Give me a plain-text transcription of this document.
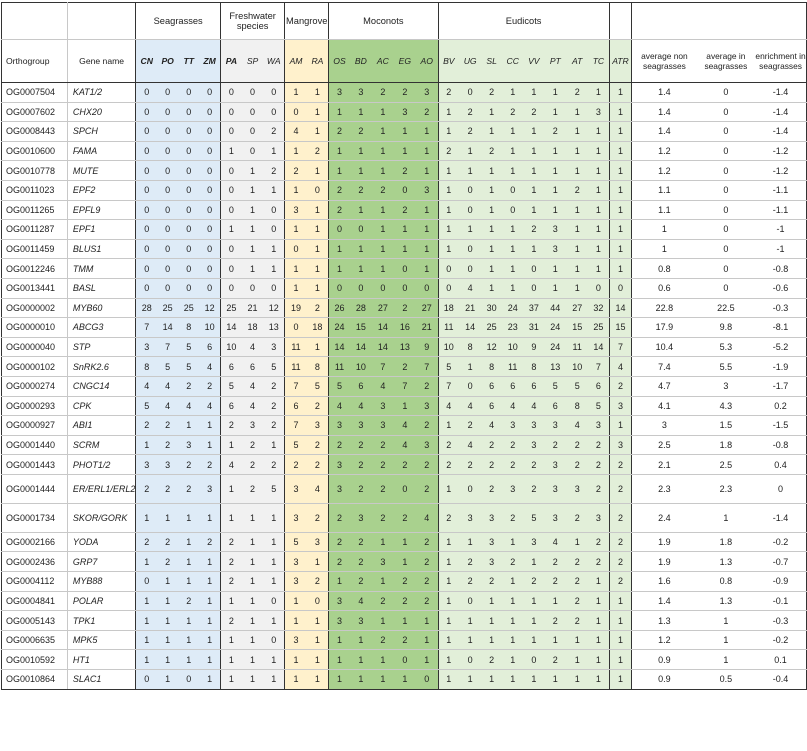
		Seagrasses				Freshwater species			Mangrove		Moconots					Eudicots											
Orthogroup	Gene name	CN	PO	TT	ZM	PA	SP	WA	AM	RA	OS	BD	AC	EG	AO	BV	UG	SL	CC	VV	PT	AT	TC	ATR	average non seagrasses	average in seagrasses	enrichment in seagrasses
OG0007504	KAT1/2	0	0	0	0	0	0	0	1	1	3	3	2	2	3	2	0	2	1	1	1	2	1	1	1.4	0	-1.4
OG0007602	CHX20	0	0	0	0	0	0	0	0	1	1	1	1	3	2	1	2	1	2	2	1	1	3	1	1.4	0	-1.4
OG0008443	SPCH	0	0	0	0	0	0	2	4	1	2	2	1	1	1	1	2	1	1	1	2	1	1	1	1.4	0	-1.4
OG0010600	FAMA	0	0	0	0	1	0	1	1	2	1	1	1	1	1	2	1	2	1	1	1	1	1	1	1.2	0	-1.2
OG0010778	MUTE	0	0	0	0	0	1	2	2	1	1	1	1	2	1	1	1	1	1	1	1	1	1	1	1.2	0	-1.2
OG0011023	EPF2	0	0	0	0	0	1	1	1	0	2	2	2	0	3	1	0	1	0	1	1	2	1	1	1.1	0	-1.1
OG0011265	EPFL9	0	0	0	0	0	1	0	3	1	2	1	1	2	1	1	0	1	0	1	1	1	1	1	1.1	0	-1.1
OG0011287	EPF1	0	0	0	0	1	1	0	1	1	0	0	1	1	1	1	1	1	1	2	3	1	1	1	1	0	-1
OG0011459	BLUS1	0	0	0	0	0	1	1	0	1	1	1	1	1	1	1	0	1	1	1	3	1	1	1	1	0	-1
OG0012246	TMM	0	0	0	0	0	1	1	1	1	1	1	1	0	1	0	0	1	1	0	1	1	1	1	0.8	0	-0.8
OG0013441	BASL	0	0	0	0	0	0	0	1	1	0	0	0	0	0	0	4	1	1	0	1	1	0	0	0.6	0	-0.6
OG0000002	MYB60	28	25	25	12	25	21	12	19	2	26	28	27	2	27	18	21	30	24	37	44	27	32	14	22.8	22.5	-0.3
OG0000010	ABCG3	7	14	8	10	14	18	13	0	18	24	15	14	16	21	11	14	25	23	31	24	15	25	15	17.9	9.8	-8.1
OG0000040	STP	3	7	5	6	10	4	3	11	1	14	14	14	13	9	10	8	12	10	9	24	11	14	7	10.4	5.3	-5.2
OG0000102	SnRK2.6	8	5	5	4	6	6	5	11	8	11	10	7	2	7	5	1	8	11	8	13	10	7	4	7.4	5.5	-1.9
OG0000274	CNGC14	4	4	2	2	5	4	2	7	5	5	6	4	7	2	7	0	6	6	6	5	5	6	2	4.7	3	-1.7
OG0000293	CPK	5	4	4	4	6	4	2	6	2	4	4	3	1	3	4	4	6	4	4	6	8	5	3	4.1	4.3	0.2
OG0000927	ABI1	2	2	1	1	2	3	2	7	3	3	3	3	4	2	1	2	4	3	3	3	4	3	1	3	1.5	-1.5
OG0001440	SCRM	1	2	3	1	1	2	1	5	2	2	2	2	4	3	2	4	2	2	3	2	2	2	3	2.5	1.8	-0.8
OG0001443	PHOT1/2	3	3	2	2	4	2	2	2	2	3	2	2	2	2	2	2	2	2	2	3	2	2	2	2.1	2.5	0.4
OG0001444	ER/ERL1/ERL2	2	2	2	3	1	2	5	3	4	3	2	2	0	2	1	0	2	3	2	3	3	2	2	2.3	2.3	0
OG0001734	SKOR/GORK	1	1	1	1	1	1	1	3	2	2	3	2	2	4	2	3	3	2	5	3	2	3	2	2.4	1	-1.4
OG0002166	YODA	2	2	1	2	2	1	1	5	3	2	2	1	1	2	1	1	3	1	3	4	1	2	2	1.9	1.8	-0.2
OG0002436	GRP7	1	2	1	1	2	1	1	3	1	2	2	3	1	2	1	2	3	2	1	2	2	2	2	1.9	1.3	-0.7
OG0004112	MYB88	0	1	1	1	2	1	1	3	2	1	2	1	2	2	1	2	2	1	2	2	2	1	2	1.6	0.8	-0.9
OG0004841	POLAR	1	1	2	1	1	1	0	1	0	3	4	2	2	2	1	0	1	1	1	1	2	1	1	1.4	1.3	-0.1
OG0005143	TPK1	1	1	1	1	2	1	1	1	1	3	3	1	1	1	1	1	1	1	1	2	2	1	1	1.3	1	-0.3
OG0006635	MPK5	1	1	1	1	1	1	0	3	1	1	1	2	2	1	1	1	1	1	1	1	1	1	1	1.2	1	-0.2
OG0010592	HT1	1	1	1	1	1	1	1	1	1	1	1	1	0	1	1	0	2	1	0	2	1	1	1	0.9	1	0.1
OG0010864	SLAC1	0	1	0	1	1	1	1	1	1	1	1	1	1	0	1	1	1	1	1	1	1	1	1	0.9	0.5	-0.4
